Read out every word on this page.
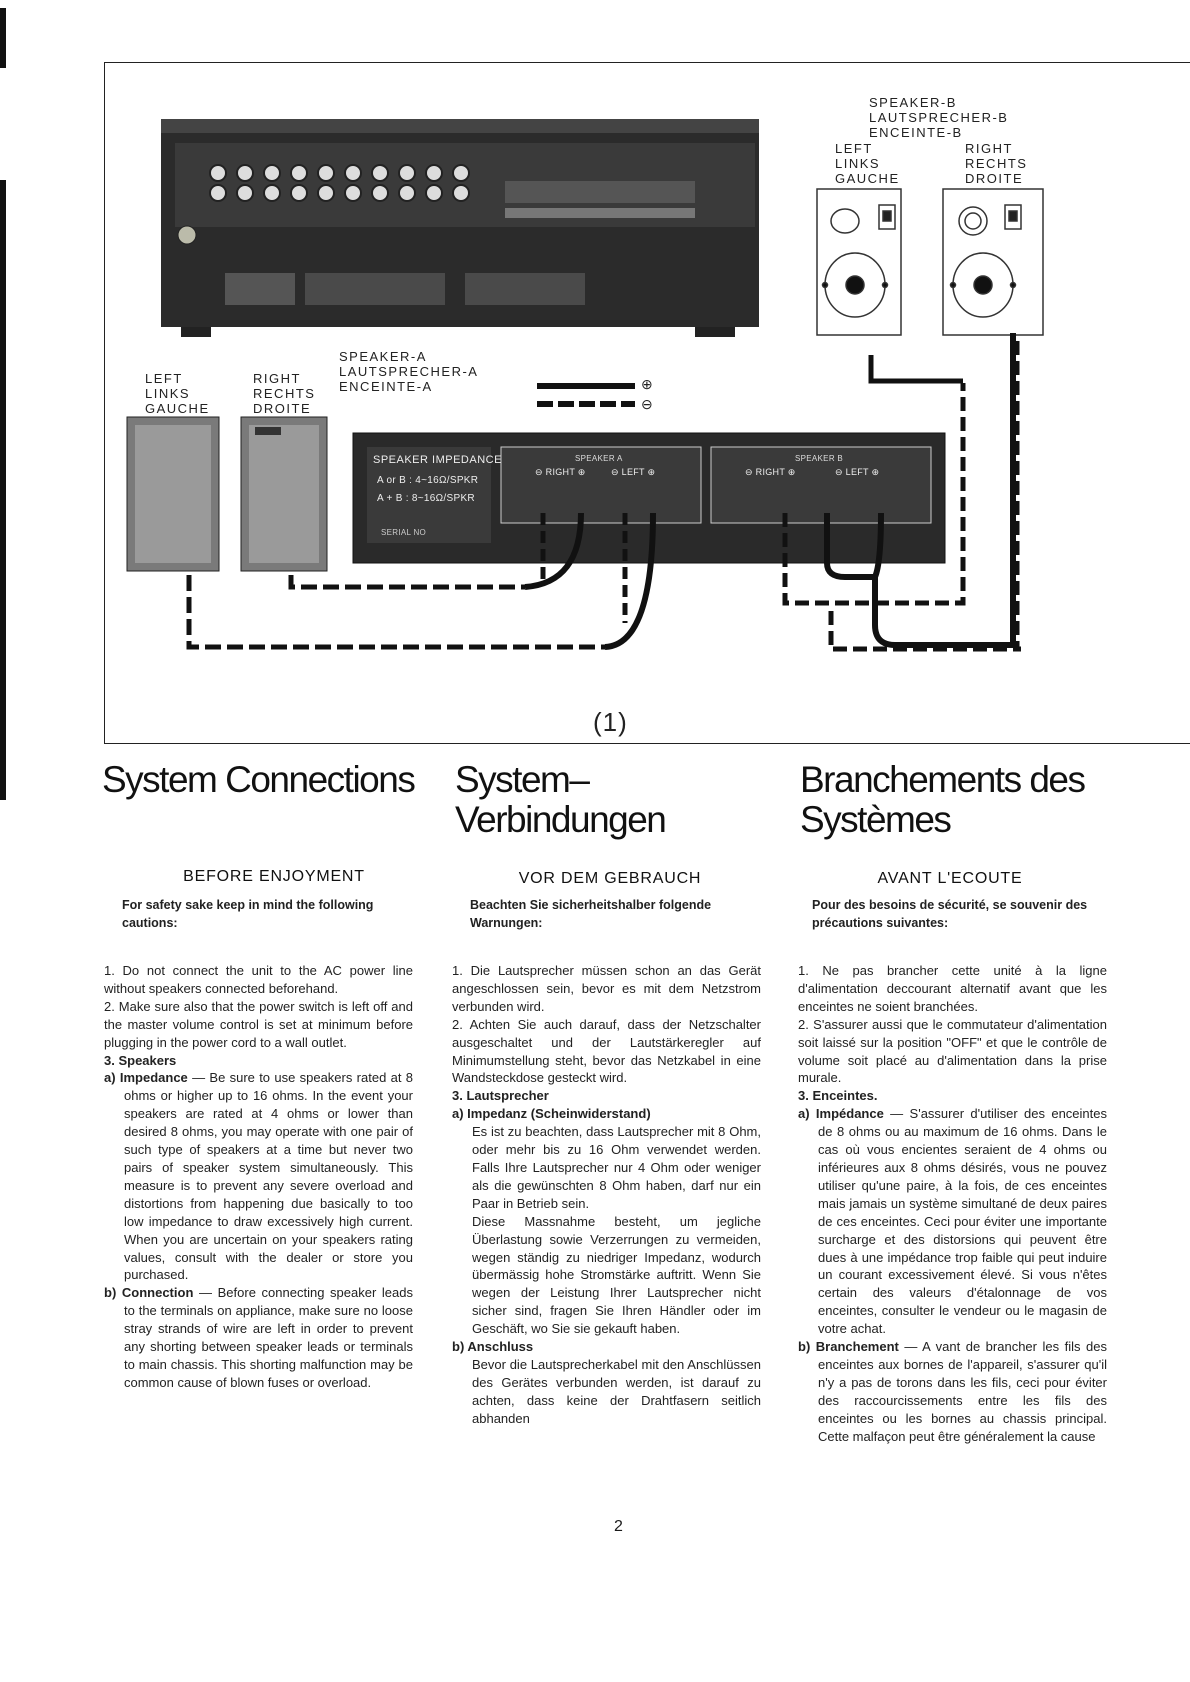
SPEAKER-B
LAUTSPRECHER-B
ENCEINTE-B
LEFT
LINKS
GAUCHE
RIGHT
RECHTS
DROITE
SPEAKER-A
LAUTSPRECHER-A
ENCEINTE-A
LEFT
LINKS
GAUCHE
RIGHT
RECHTS
DROITE
⊕
⊖
SPEAKER IMPEDANCE
A or B : 4~16Ω/SPKR
A + B : 8~16Ω/SPKR
SERIAL NO
SPEAKER A	SPEAKER B
⊖ RIGHT ⊕	⊖ LEFT ⊕	⊖ RIGHT ⊕	⊖ LEFT ⊕
(1)
System Connections System–
Verbindungen
Branchements des
Systèmes
BEFORE ENJOYMENT	VOR DEM GEBRAUCH	AVANT L'ECOUTE
For safety sake keep in mind the following cautions:
Beachten Sie sicherheitshalber folgende Warnungen:
Pour des besoins de sécurité, se souvenir des précautions suivantes:

1. Do not connect the unit to the AC power line without speakers connected beforehand.

2. Make sure also that the power switch is left off and the master volume control is set at minimum before plugging in the power cord to a wall outlet.

3. Speakers

a) Impedance — Be sure to use speakers rated at 8 ohms or higher up to 16 ohms. In the event your speakers are rated at 4 ohms or lower than desired 8 ohms, you may operate with one pair of such type of speakers at a time but never two pairs of speaker system simultaneously. This measure is to prevent any severe overload and distortions from happening due basically to too low impedance to draw excessively high current. When you are uncertain on your speakers rating values, consult with the dealer or store you purchased.

b) Connection — Before connecting speaker leads to the terminals on appliance, make sure no loose stray strands of wire are left in order to prevent any shorting between speaker leads or terminals to main chassis. This shorting malfunction may be common cause of blown fuses or overload.

1. Die Lautsprecher müssen schon an das Gerät angeschlossen sein, bevor es mit dem Netzstrom verbunden wird.

2. Achten Sie auch darauf, dass der Netzschalter ausgeschaltet und der Lautstärkeregler auf Minimumstellung steht, bevor das Netzkabel in eine Wandsteckdose gesteckt wird.

3. Lautsprecher

a) Impedanz (Scheinwiderstand)

Es ist zu beachten, dass Lautsprecher mit 8 Ohm, oder mehr bis zu 16 Ohm verwendet werden. Falls Ihre Lautsprecher nur 4 Ohm oder weniger als die gewünschten 8 Ohm haben, darf nur ein Paar in Betrieb sein.

Diese Massnahme besteht, um jegliche Überlastung sowie Verzerrungen zu vermeiden, wegen ständig zu niedriger Impedanz, wodurch übermässig hohe Stromstärke auftritt. Wenn Sie wegen der Leistung Ihrer Lautsprecher nicht sicher sind, fragen Sie Ihren Händler oder im Geschäft, wo Sie sie gekauft haben.

b) Anschluss

Bevor die Lautsprecherkabel mit den Anschlüssen des Gerätes verbunden werden, ist darauf zu achten, dass keine der Drahtfasern seitlich abhanden

1. Ne pas brancher cette unité à la ligne d'alimentation deccourant alternatif avant que les enceintes ne soient branchées.

2. S'assurer aussi que le commutateur d'alimentation soit laissé sur la position "OFF" et que le contrôle de volume soit placé au d'alimentation dans la prise murale.

3. Enceintes.

a) Impédance — S'assurer d'utiliser des enceintes de 8 ohms ou au maximum de 16 ohms. Dans le cas où vous encientes seraient de 4 ohms ou inférieures aux 8 ohms désirés, vous ne pouvez utiliser qu'une paire, à la fois, de ces enceintes mais jamais un système simultané de deux paires de ces enceintes. Ceci pour éviter une importante surcharge et des distorsions qui peuvent être dues à une impédance trop faible qui peut induire un courant excessivement élevé. Si vous n'êtes certain des valeurs d'étalonnage de vos enceintes, consulter le vendeur ou le magasin de votre achat.

b) Branchement — A vant de brancher les fils des enceintes aux bornes de l'appareil, s'assurer qu'il n'y a pas de torons dans les fils, ceci pour éviter des raccourcissements entre les fils des enceintes ou les bornes au chassis principal. Cette malfaçon peut être généralement la cause

2
